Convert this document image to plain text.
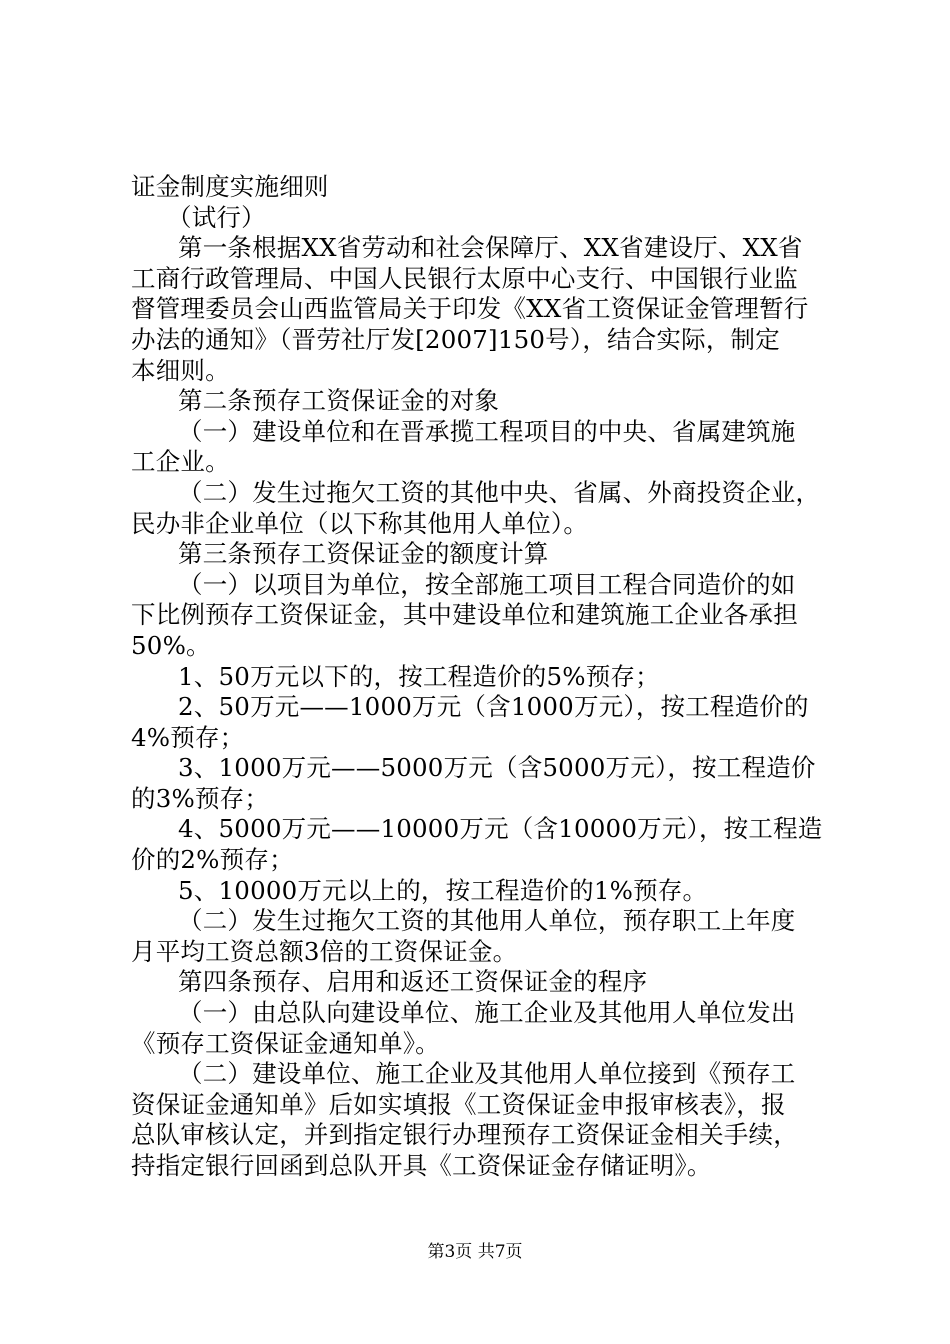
证金制度实施细则
（试行）
第一条根据XX省劳动和社会保障厅、XX省建设厅、XX省
工商行政管理局、中国人民银行太原中心支行、中国银行业监
督管理委员会山西监管局关于印发《XX省工资保证金管理暂行
办法的通知》（晋劳社厅发[2007]150号），结合实际，制定
本细则。
第二条预存工资保证金的对象
（一）建设单位和在晋承揽工程项目的中央、省属建筑施
工企业。
（二）发生过拖欠工资的其他中央、省属、外商投资企业，
民办非企业单位（以下称其他用人单位）。
第三条预存工资保证金的额度计算
（一）以项目为单位，按全部施工项目工程合同造价的如
下比例预存工资保证金，其中建设单位和建筑施工企业各承担
50%。
1、50万元以下的，按工程造价的5%预存；
2、50万元——1000万元（含1000万元），按工程造价的
4%预存；
3、1000万元——5000万元（含5000万元），按工程造价
的3%预存；
4、5000万元——10000万元（含10000万元），按工程造
价的2%预存；
5、10000万元以上的，按工程造价的1%预存。
（二）发生过拖欠工资的其他用人单位，预存职工上年度
月平均工资总额3倍的工资保证金。
第四条预存、启用和返还工资保证金的程序
（一）由总队向建设单位、施工企业及其他用人单位发出
《预存工资保证金通知单》。
（二）建设单位、施工企业及其他用人单位接到《预存工
资保证金通知单》后如实填报《工资保证金申报审核表》，报
总队审核认定，并到指定银行办理预存工资保证金相关手续，
持指定银行回函到总队开具《工资保证金存储证明》。
第3页 共7页
